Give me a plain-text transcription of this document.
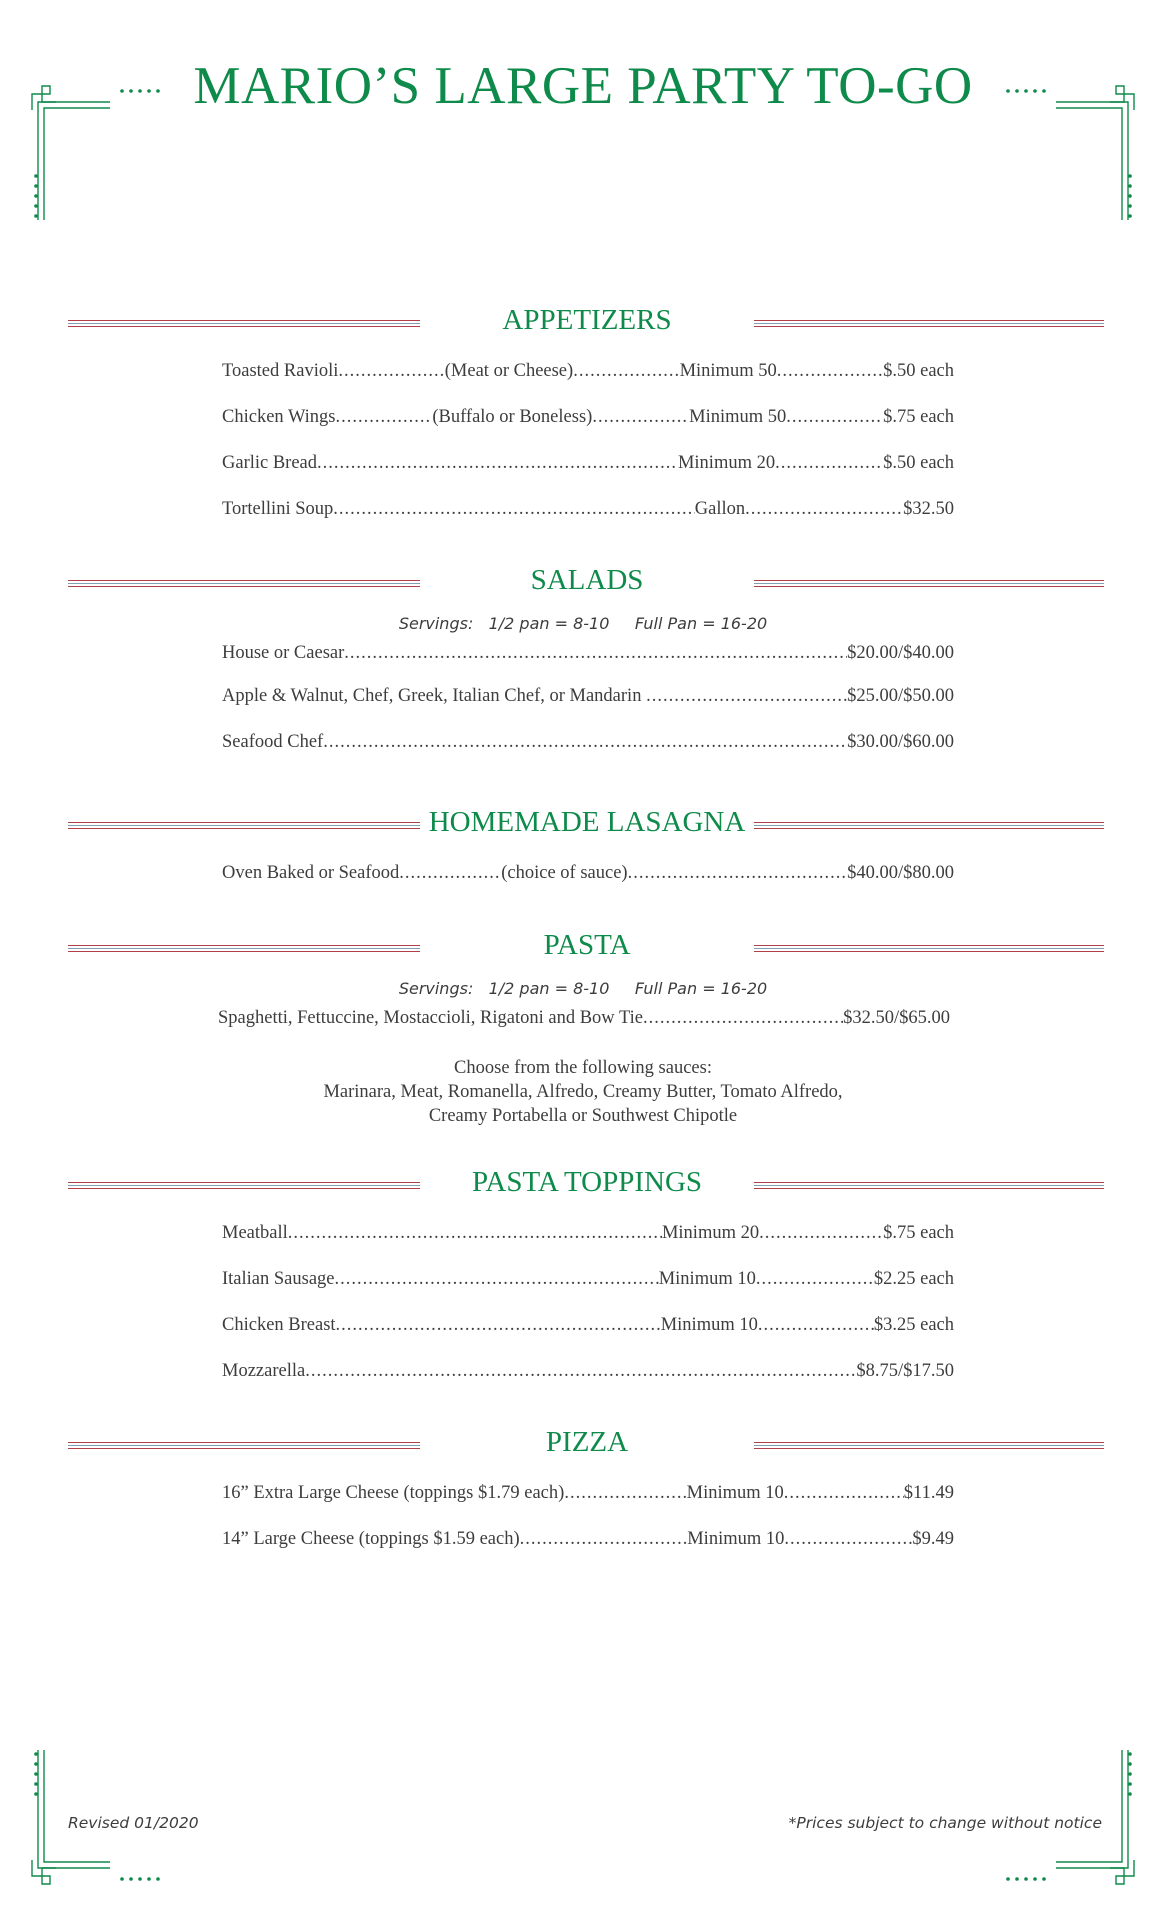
MARIO’S LARGE PARTY TO-GO
APPETIZERS
Toasted Ravioli .....	(Meat or Cheese) .....	Minimum 50 .....	$.50 each
Chicken Wings .....	(Buffalo or Boneless) .....	Minimum 50 .....	$.75 each
Garlic Bread .....	Minimum 20 .....	$.50 each
Tortellini Soup .....	Gallon .....	$32.50
SALADS
Servings:   1/2 pan = 8-10     Full Pan = 16-20
House or Caesar .....	$20.00/$40.00
Apple & Walnut, Chef, Greek, Italian Chef, or Mandarin .....	$25.00/$50.00
Seafood Chef .....	$30.00/$60.00
HOMEMADE LASAGNA
Oven Baked or Seafood .....	(choice of sauce) .....	$40.00/$80.00
PASTA
Servings:   1/2 pan = 8-10     Full Pan = 16-20
Spaghetti, Fettuccine, Mostaccioli, Rigatoni and Bow Tie .....	$32.50/$65.00
Choose from the following sauces:
Marinara, Meat, Romanella, Alfredo, Creamy Butter, Tomato Alfredo,
Creamy Portabella or Southwest Chipotle
PASTA TOPPINGS
Meatball .....	Minimum 20 .....	$.75 each
Italian Sausage .....	Minimum 10 .....	$2.25 each
Chicken Breast .....	Minimum 10 .....	$3.25 each
Mozzarella .....	$8.75/$17.50
PIZZA
16” Extra Large Cheese (toppings $1.79 each) .....	Minimum 10 .....	$11.49
14” Large Cheese (toppings $1.59 each) .....	Minimum 10 .....	$9.49
Revised 01/2020	*Prices subject to change without notice
